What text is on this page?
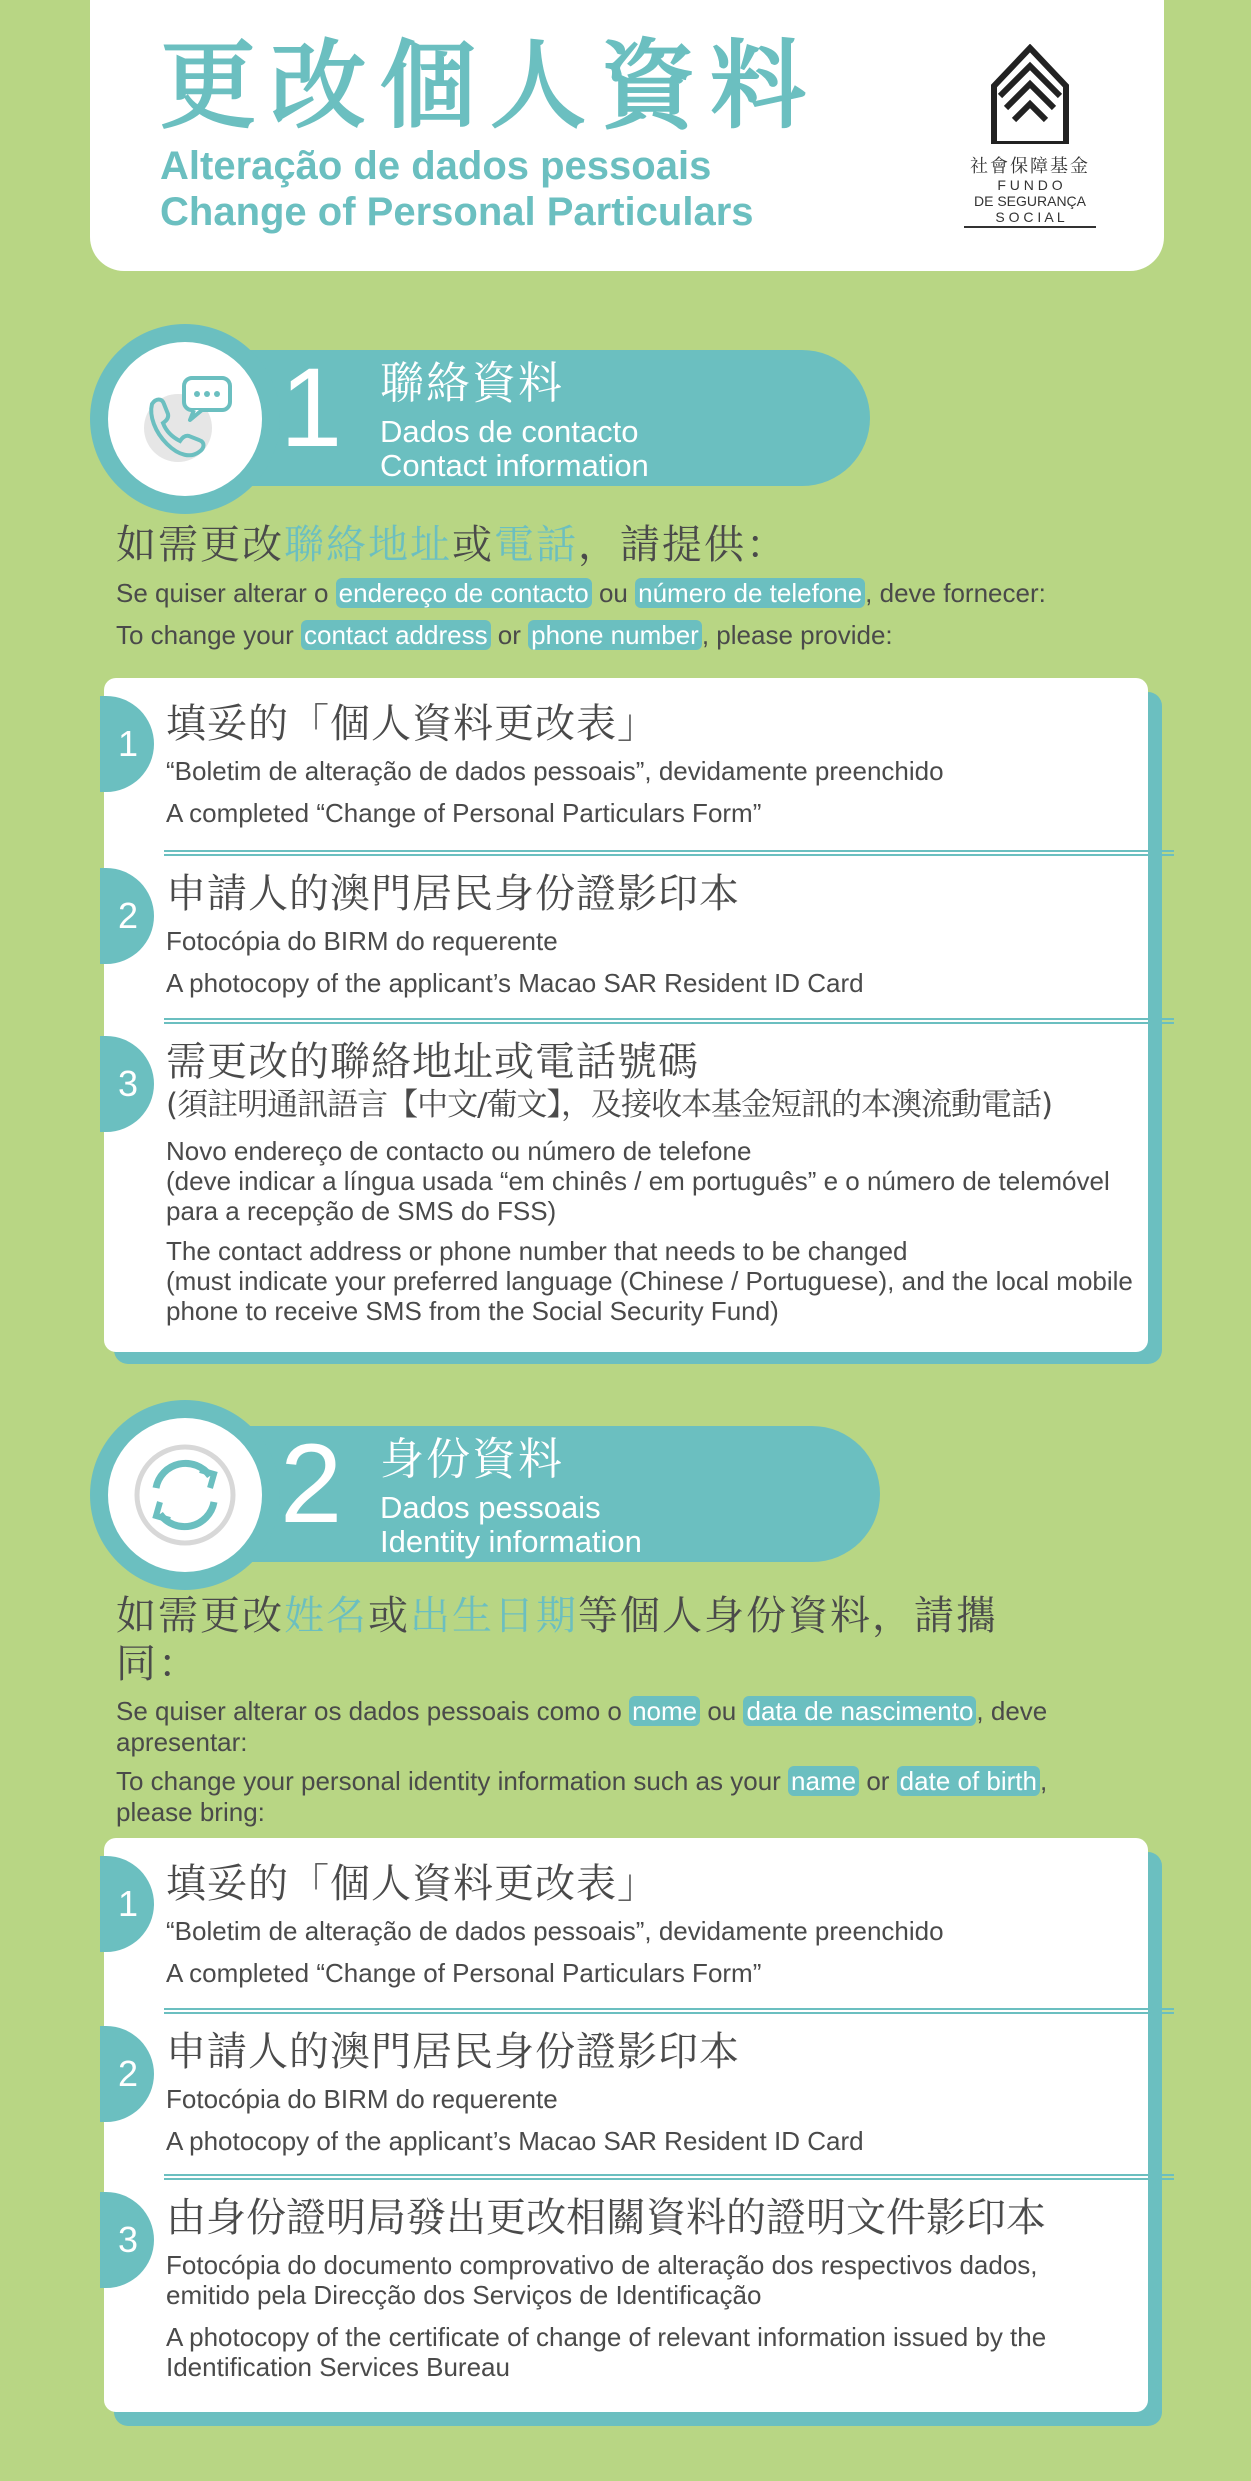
更改個人資料
Alteração de dados pessoais
Change of Personal Particulars
社會保障基金
F U N D O
DE SEGURANÇA
S O C I A L
1 聯絡資料
Dados de contacto
Contact information
如需更改聯絡地址或電話，請提供：
Se quiser alterar o endereço de contacto ou número de telefone , deve fornecer:
To change your contact address or phone number , please provide:
1 填妥的「個人資料更改表」
“Boletim de alteração de dados pessoais”, devidamente preenchido
A completed “Change of Personal Particulars Form”
2 申請人的澳門居民身份證影印本
Fotocópia do BIRM do requerente
A photocopy of the applicant’s Macao SAR Resident ID Card
3 需更改的聯絡地址或電話號碼
(須註明通訊語言【中文/葡文】，及接收本基金短訊的本澳流動電話)
Novo endereço de contacto ou número de telefone
(deve indicar a língua usada “em chinês / em português” e o número de telemóvel
para a recepção de SMS do FSS)
The contact address or phone number that needs to be changed
(must indicate your preferred language (Chinese / Portuguese), and the local mobile
phone to receive SMS from the Social Security Fund)
2 身份資料
Dados pessoais
Identity information
如需更改姓名或出生日期等個人身份資料，請攜
同：
Se quiser alterar os dados pessoais como o nome ou data de nascimento , deve
apresentar:
To change your personal identity information such as your name or date of birth ,
please bring:
1 填妥的「個人資料更改表」
“Boletim de alteração de dados pessoais”, devidamente preenchido
A completed “Change of Personal Particulars Form”
2 申請人的澳門居民身份證影印本
Fotocópia do BIRM do requerente
A photocopy of the applicant’s Macao SAR Resident ID Card
3 由身份證明局發出更改相關資料的證明文件影印本
Fotocópia do documento comprovativo de alteração dos respectivos dados,
emitido pela Direcção dos Serviços de Identificação
A photocopy of the certificate of change of relevant information issued by the
Identification Services Bureau
